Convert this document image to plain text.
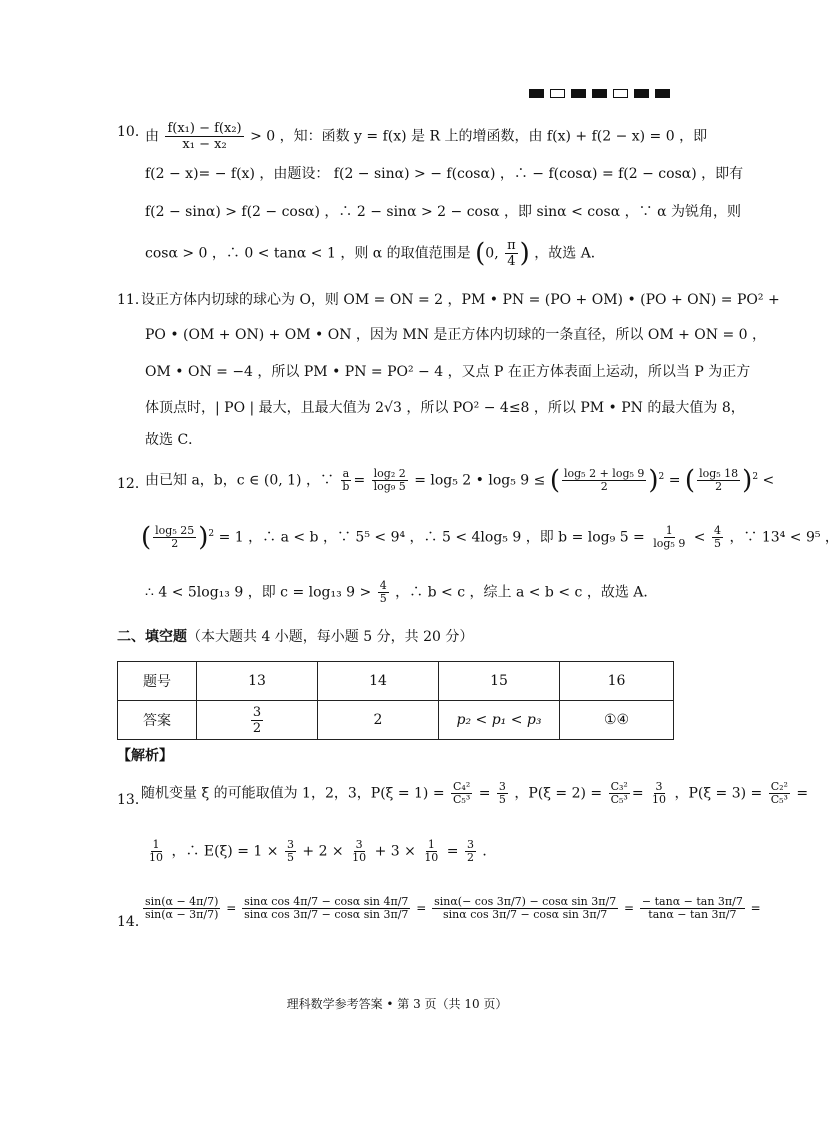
10．
由 $\frac{\text{f(x₁) − f(x₂)}}{\text{x₁ − x₂}} > 0$ ，知：函数 y = f(x) 是 R 上的增函数，由 f(x) + f(2 − x) = 0 ，即
f(2 − x)= − f(x) ，由题设： f(2 − sinα) > − f(cosα) ，∴ − f(cosα) = f(2 − cosα) ，即有
f(2 − sinα) > f(2 − cosα) ，∴ 2 − sinα > 2 − cosα ，即 sinα < cosα ，∵ α 为锐角，则
cosα > 0 ，∴ 0 < tanα < 1 ，则 α 的取值范围是 (0, $\frac{\pi}{4}$ ) ，故选 A．
11．
设正方体内切球的球心为 O，则 OM = ON = 2 ，PM • PN = (PO + OM) • (PO + ON) = PO² +
PO • (OM + ON) + OM • ON ，因为 MN 是正方体内切球的一条直径，所以 OM + ON = 0 ，
OM • ON = −4 ，所以 PM • PN = PO² − 4 ，又点 P 在正方体表面上运动，所以当 P 为正方
体顶点时，| PO | 最大，且最大值为 2√3 ，所以 PO² − 4≤8 ，所以 PM • PN 的最大值为 8，
故选 C．
12．
由已知 a，b，c ∈ (0, 1) ，∵ $\frac{a}{b} = \frac{\text{log₂ 2}}{\text{log₉ 5}} = \log_5$ 2 • log₅ 9 ≤ ( $\frac{\text{log₅ 2 + log₅ 9}}{2} )^2$ = ( $\frac{\text{log₅ 18}}{2} )^2$ <
( $\frac{\text{log₅ 25}}{2} )^2 = 1$ ，∴ a < b ，∵ 5⁵ < 9⁴ ，∴ 5 < 4log₅ 9 ，即 b = log₉ $5 = \frac{1}{\text{log₅ 9}} < \frac{4}{5}$ ，∵ 13⁴ < 9⁵ ，
∴ 4 < 5log₁₃ 9 ，即 c = log₁₃ $9 > \frac{4}{5}$ ，∴ b < c ，综上 a < b < c ，故选 A．
二、填空题（本大题共 4 小题，每小题 5 分，共 20 分）
题号	13	14	15	16
答案	$\frac{3}{2}$	2	p₂ < p₁ < p₃	①④
【解析】
13．
随机变量 ξ 的可能取值为 1，2，3，$P(\xi = 1) = \frac{\text{C₄²}}{\text{C₅³}} = \frac{3}{5}$ ，$P(\xi = 2) = \frac{\text{C₃²}}{\text{C₅³}} = \frac{3}{10}$ ，$P(\xi = 3) = \frac{\text{C₂²}}{\text{C₅³}}$ =
$\frac{1}{10}$ ，∴ $E(\xi) = 1 \times \frac{3}{5} + 2 \times \frac{3}{10} + 3 \times \frac{1}{10} = \frac{3}{2}$ ．
14．
$\frac{\sin(\alpha - 4\pi/7)}{\sin(\alpha - 3\pi/7)} = \frac{\text{sinα cos 4π/7 − cosα sin 4π/7}}{\text{sinα cos 3π/7 − cosα sin 3π/7}} = \frac{\text{sinα(− cos 3π/7) − cosα sin 3π/7}}{\text{sinα cos 3π/7 − cosα sin 3π/7}} = \frac{- \tan\alpha - \tan 3\pi/7}{\tan\alpha - \tan 3\pi/7}$ =
理科数学参考答案 • 第 3 页（共 10 页）
